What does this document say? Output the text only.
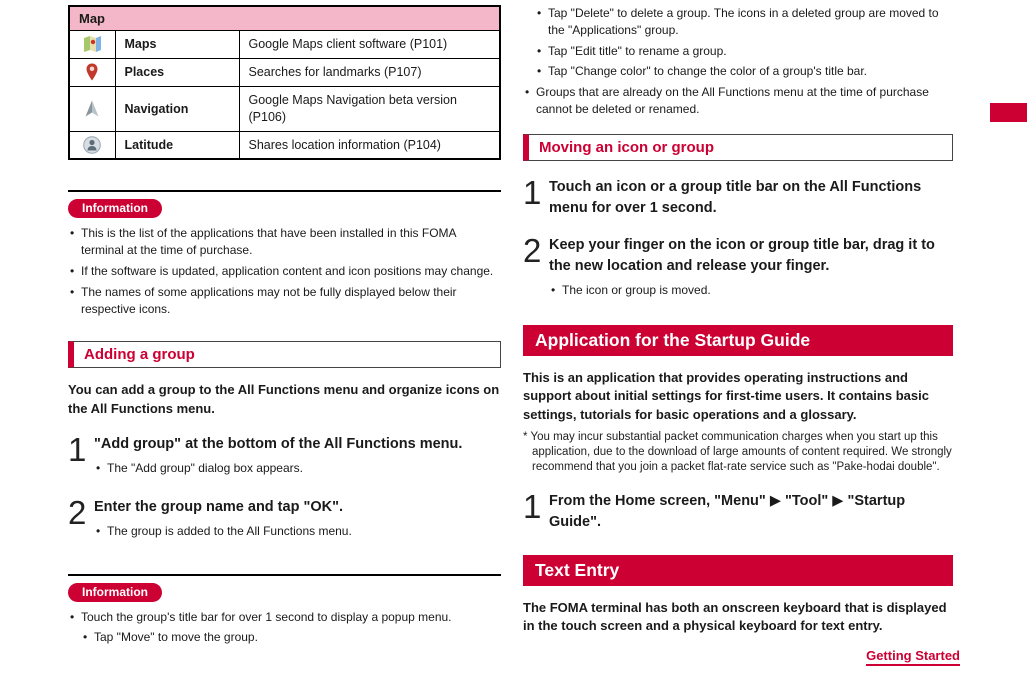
Map		
	Maps	Google Maps client software (P101)
	Places	Searches for landmarks (P107)
	Navigation	Google Maps Navigation beta version (P106)
	Latitude	Shares location information (P104)
Information
• This is the list of the applications that have been installed in this FOMA terminal at the time of purchase.
• If the software is updated, application content and icon positions may change.
• The names of some applications may not be fully displayed below their respective icons.
Adding a group

You can add a group to the All Functions menu and organize icons on the All Functions menu.

1 "Add group" at the bottom of the All Functions menu.
• The "Add group" dialog box appears.
2 Enter the group name and tap "OK".
• The group is added to the All Functions menu.
Information
• Touch the group's title bar for over 1 second to display a popup menu.
• Tap "Move" to move the group.
• Tap "Delete" to delete a group. The icons in a deleted group are moved to the "Applications" group.
• Tap "Edit title" to rename a group.
• Tap "Change color" to change the color of a group's title bar.
• Groups that are already on the All Functions menu at the time of purchase cannot be deleted or renamed.
Moving an icon or group
1 Touch an icon or a group title bar on the All Functions menu for over 1 second.
2 Keep your finger on the icon or group title bar, drag it to the new location and release your finger.
• The icon or group is moved.
Application for the Startup Guide

This is an application that provides operating instructions and support about initial settings for first-time users. It contains basic settings, tutorials for basic operations and a glossary.

* You may incur substantial packet communication charges when you start up this application, due to the download of large amounts of content required. We strongly recommend that you join a packet flat-rate service such as "Pake-hodai double".

1 From the Home screen, "Menu" ▶ "Tool" ▶ "Startup Guide".
Text Entry

The FOMA terminal has both an onscreen keyboard that is displayed in the touch screen and a physical keyboard for text entry.

Getting Started
